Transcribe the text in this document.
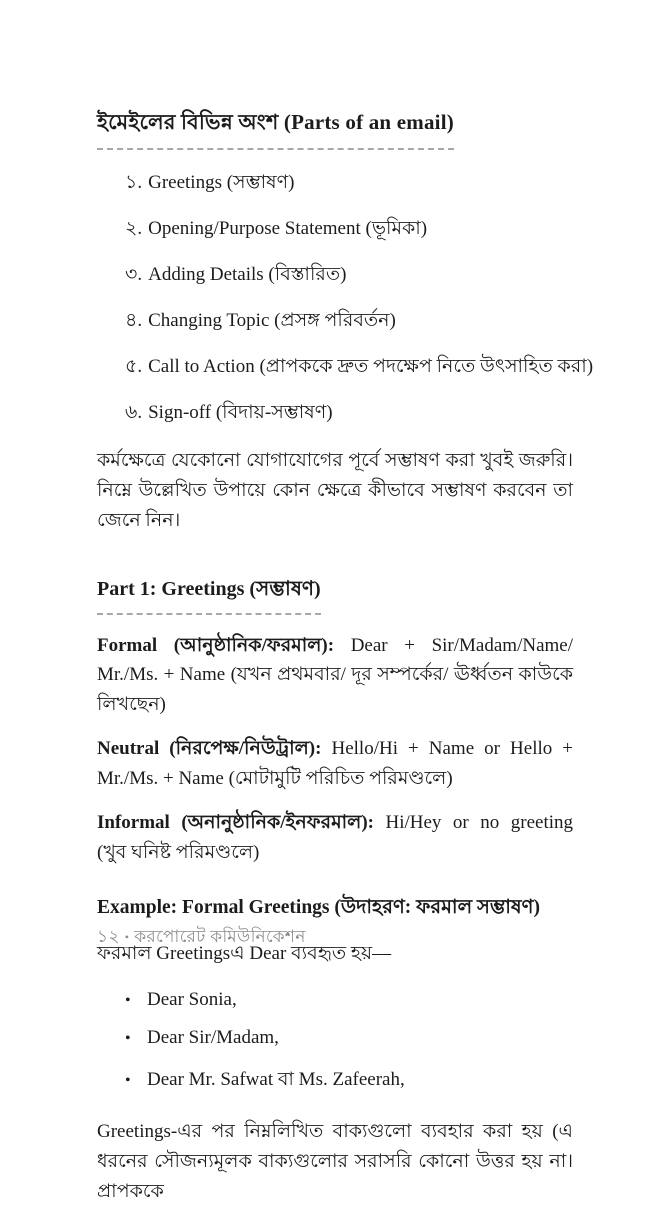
ইমেইলের বিভিন্ন অংশ (Parts of an email)
১. Greetings (সম্ভাষণ)
২. Opening/Purpose Statement (ভূমিকা)
৩. Adding Details (বিস্তারিত)
৪. Changing Topic (প্রসঙ্গ পরিবর্তন)
৫. Call to Action (প্রাপককে দ্রুত পদক্ষেপ নিতে উৎসাহিত করা)
৬. Sign-off (বিদায়-সম্ভাষণ)

কর্মক্ষেত্রে যেকোনো যোগাযোগের পূর্বে সম্ভাষণ করা খুবই জরুরি। নিম্নে উল্লেখিত উপায়ে কোন ক্ষেত্রে কীভাবে সম্ভাষণ করবেন তা জেনে নিন।

Part 1: Greetings (সম্ভাষণ)

Formal (আনুষ্ঠানিক/ফরমাল): Dear + Sir/Madam/Name/ Mr./Ms. + Name (যখন প্রথমবার/ দূর সম্পর্কের/ ঊর্ধ্বতন কাউকে লিখছেন)

Neutral (নিরপেক্ষ/নিউট্রাল): Hello/Hi + Name or Hello + Mr./Ms. + Name (মোটামুটি পরিচিত পরিমণ্ডলে)

Informal (অনানুষ্ঠানিক/ইনফরমাল): Hi/Hey or no greeting (খুব ঘনিষ্ট পরিমণ্ডলে)

Example: Formal Greetings (উদাহরণ: ফরমাল সম্ভাষণ)

ফরমাল Greetingsএ Dear ব্যবহৃত হয়—

• Dear Sonia,
• Dear Sir/Madam,
• Dear Mr. Safwat বা Ms. Zafeerah,

Greetings-এর পর নিম্নলিখিত বাক্যগুলো ব্যবহার করা হয় (এ ধরনের সৌজন্যমূলক বাক্যগুলোর সরাসরি কোনো উত্তর হয় না। প্রাপককে

১২ • করপোরেট কমিউনিকেশন
